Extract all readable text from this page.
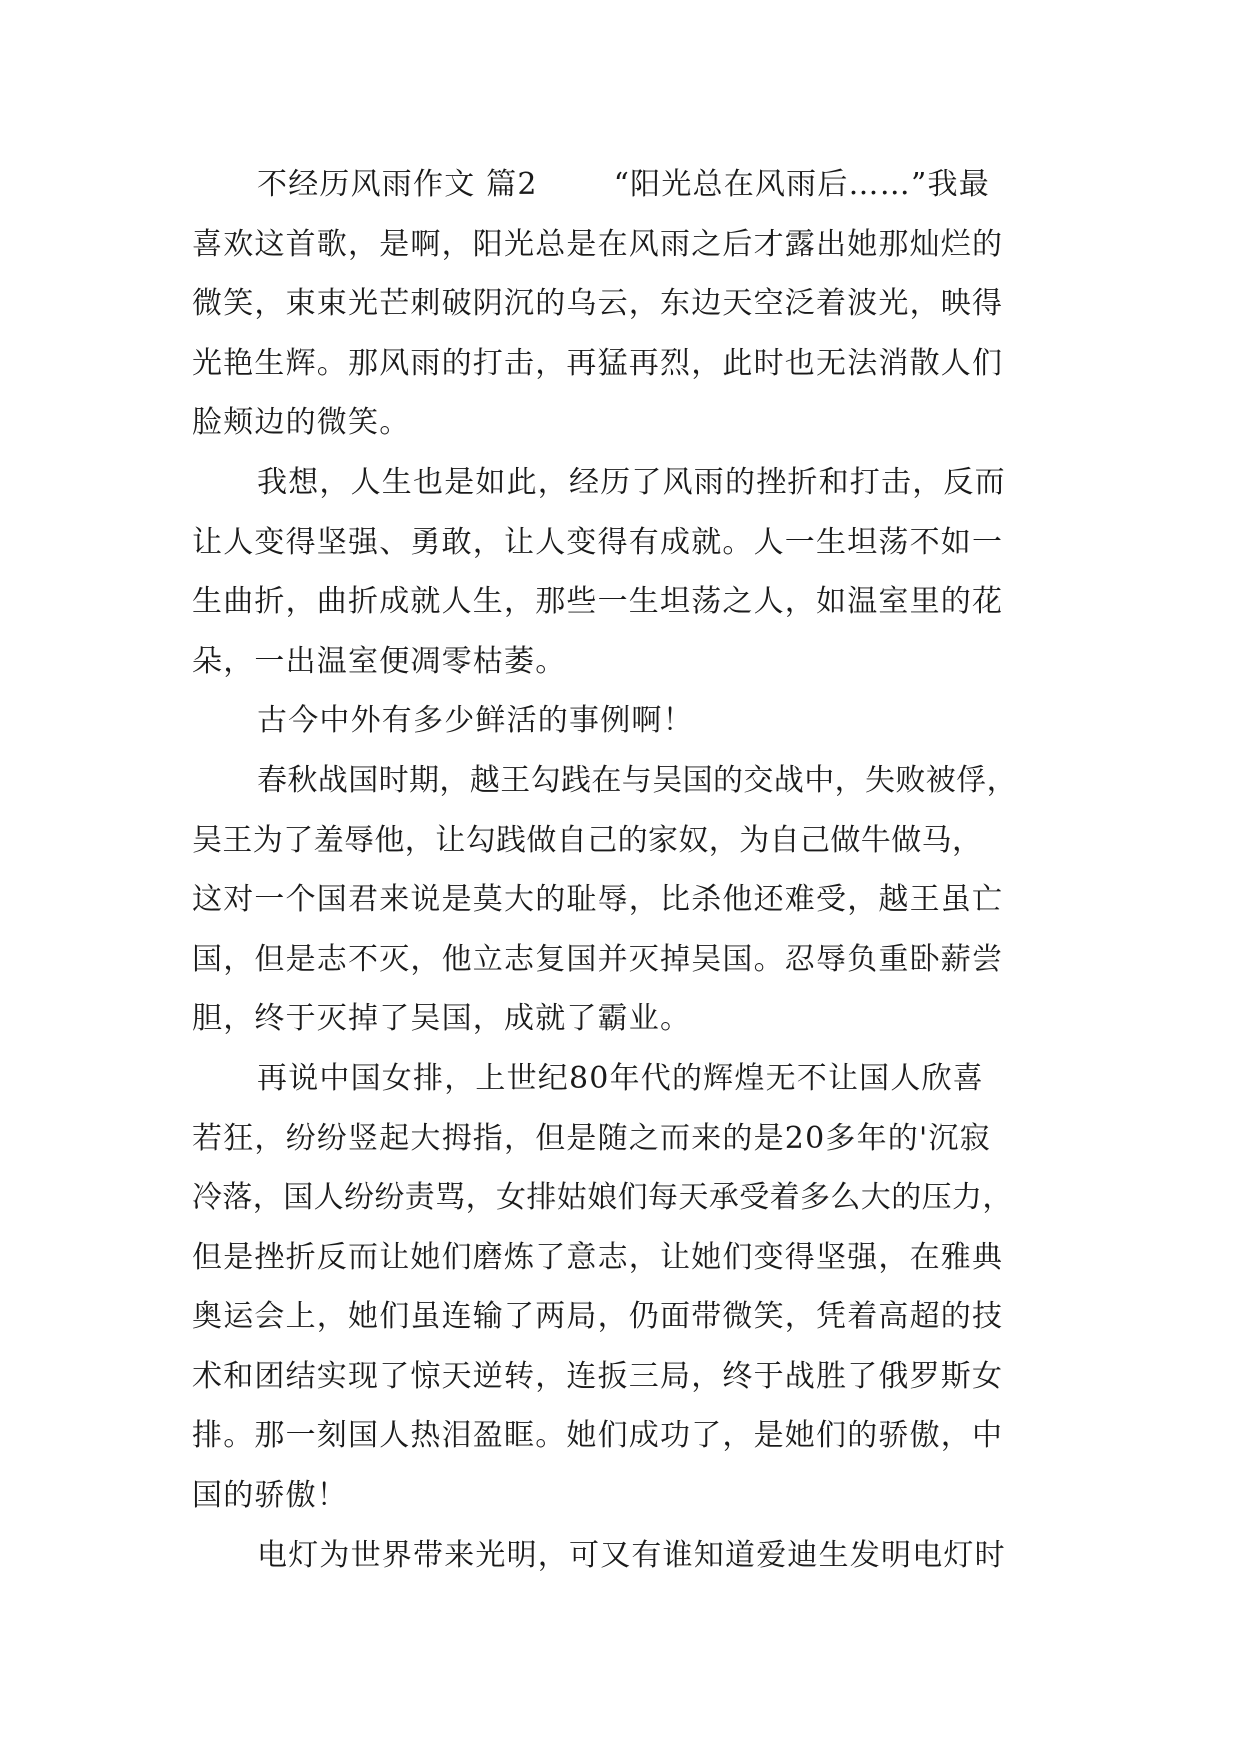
不经历风雨作文 篇2	“阳光总在风雨后……”我最
喜欢这首歌，是啊，阳光总是在风雨之后才露出她那灿烂的
微笑，束束光芒刺破阴沉的乌云，东边天空泛着波光，映得
光艳生辉。那风雨的打击，再猛再烈，此时也无法消散人们
脸颊边的微笑。
我想，人生也是如此，经历了风雨的挫折和打击，反而
让人变得坚强、勇敢，让人变得有成就。人一生坦荡不如一
生曲折，曲折成就人生，那些一生坦荡之人，如温室里的花
朵，一出温室便凋零枯萎。
古今中外有多少鲜活的事例啊！
春秋战国时期，越王勾践在与吴国的交战中，失败被俘，
吴王为了羞辱他，让勾践做自己的家奴，为自己做牛做马，
这对一个国君来说是莫大的耻辱，比杀他还难受，越王虽亡
国，但是志不灭，他立志复国并灭掉吴国。忍辱负重卧薪尝
胆，终于灭掉了吴国，成就了霸业。
再说中国女排，上世纪80年代的辉煌无不让国人欣喜
若狂，纷纷竖起大拇指，但是随之而来的是20多年的'沉寂
冷落，国人纷纷责骂，女排姑娘们每天承受着多么大的压力，
但是挫折反而让她们磨炼了意志，让她们变得坚强，在雅典
奥运会上，她们虽连输了两局，仍面带微笑，凭着高超的技
术和团结实现了惊天逆转，连扳三局，终于战胜了俄罗斯女
排。那一刻国人热泪盈眶。她们成功了，是她们的骄傲，中
国的骄傲！
电灯为世界带来光明，可又有谁知道爱迪生发明电灯时
